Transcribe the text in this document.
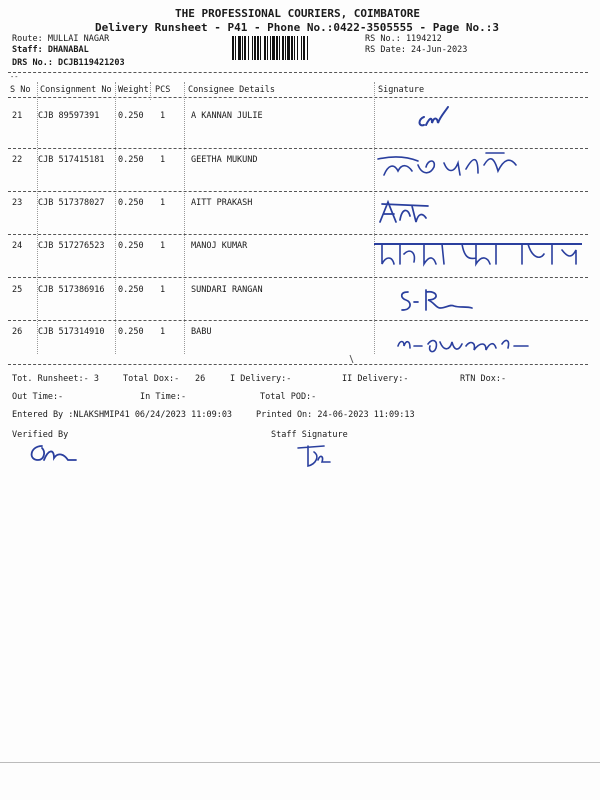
THE PROFESSIONAL COURIERS, COIMBATORE
Delivery Runsheet - P41 - Phone No.:0422-3505555 - Page No.:3
Route: MULLAI NAGAR
Staff: DHANABAL
DRS No.: DCJB119421203
RS No.: 1194212
RS Date: 24-Jun-2023
--
S No Consignment No Weight PCS Consignee Details	Signature
21 CJB 89597391 0.250 1	A KANNAN JULIE
22 CJB 517415181 0.250 1	GEETHA MUKUND
23 CJB 517378027 0.250 1	AITT PRAKASH
24 CJB 517276523 0.250 1	MANOJ KUMAR
25 CJB 517386916 0.250 1	SUNDARI RANGAN
26 CJB 517314910 0.250 1	BABU
Tot. Runsheet:- 3	Total Dox:- 26	I Delivery:-	II Delivery:-	RTN Dox:-
Out Time:-	In Time:-	Total POD:-
Entered By :NLAKSHMIP41 06/24/2023 11:09:03	Printed On: 24-06-2023 11:09:13
Verified By	Staff Signature
